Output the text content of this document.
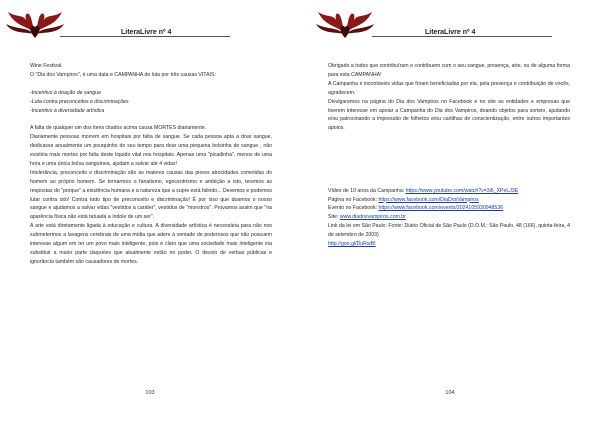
LiteraLivre nº 4

Wine Festival.

O "Dia dos Vampiros", é uma data e CAMPANHA de luta por três causas VITAIS:

-Incentivo à doação de sangue

-Luta contra preconceitos e discriminações

-Incentivo à diversidade artística

A falta de qualquer um dos itens citados acima causa MORTES diariamente.

Diariamente pessoas morrem em hospitais por falta de sangue. Se cada pessoa apta a doar sangue, dedicasse anualmente um pouquinho do seu tempo para doar uma pequena bolsinha de sangue , não existiria mais mortes por falta deste líquido vital nos hospitais. Apenas uma "picadinha", menos de uma hora e uma única bolsa sanguínea, ajudam a salvar até 4 vidas!

Intolerância, preconceito e discriminação são as maiores causas das piores atrocidades cometidas do homem ao próprio homem. Se tornarmos o fanatismo, egocentrismo e ambição a isto, teremos as respostas do "porque" a existência humana e a natureza que a supre está falindo... Devemos e podemos lutar contra isto! Contra todo tipo de preconceito e discriminação! É por isso que doamos o nosso sangue e ajudamos a salvar vidas "vestidos a caráter", vestidos de "monstros". Provamos assim que "na aparência física não está tatuada a índole de um ser".

A arte está diretamente ligada à educação e cultura. A diversidade artística é necessária para não nos submetermos a lavagens cerebrais de uma mídia que adere à vontade de poderosos que não possuem interesse algum em ter um povo mais inteligente, pois é claro que uma sociedade mais inteligente iria substituir a maior parte daqueles que atualmente estão no poder. O desvio de verbas públicas e ignorância também são causadores de mortes.

103
LiteraLivre nº 4

Obrigado a todos que contribuíram e contribuem com o seu sangue, presença, arte, ou de alguma forma para esta CAMPANHA!

A Campanha e incontáveis vidas que foram beneficiadas por ela, pela presença e contribuição de vocês, agradecem.

Divulgaremos na página do Dia dos Vampiros no Facebook e no site as entidades e empresas que tiverem interesse em apoiar a Campanha do Dia dos Vampiros, doando objetos para sorteio, ajudando e/ou patrocinando a impressão de folhetos e/ou cartilhas de conscientização, entre outros importantes apoios.

Vídeo de 10 anos da Campanha: https://www.youtube.com/watch?v=3i6_XPeLJ3E

Página no Facebook: https://www.facebook.com/DiaDosVampiros

Evento no Facebook: https://www.facebook.com/events/2024105930948536

Site: www.diadosvampiros.com.br

Link da lei em São Paulo: Fonte: Diário Oficial de São Paulo (D.O.M.; São Paulo, 48 (166), quinta-feira, 4 de setembro de 2003)

http://goo.gl/DuRwBI

104
